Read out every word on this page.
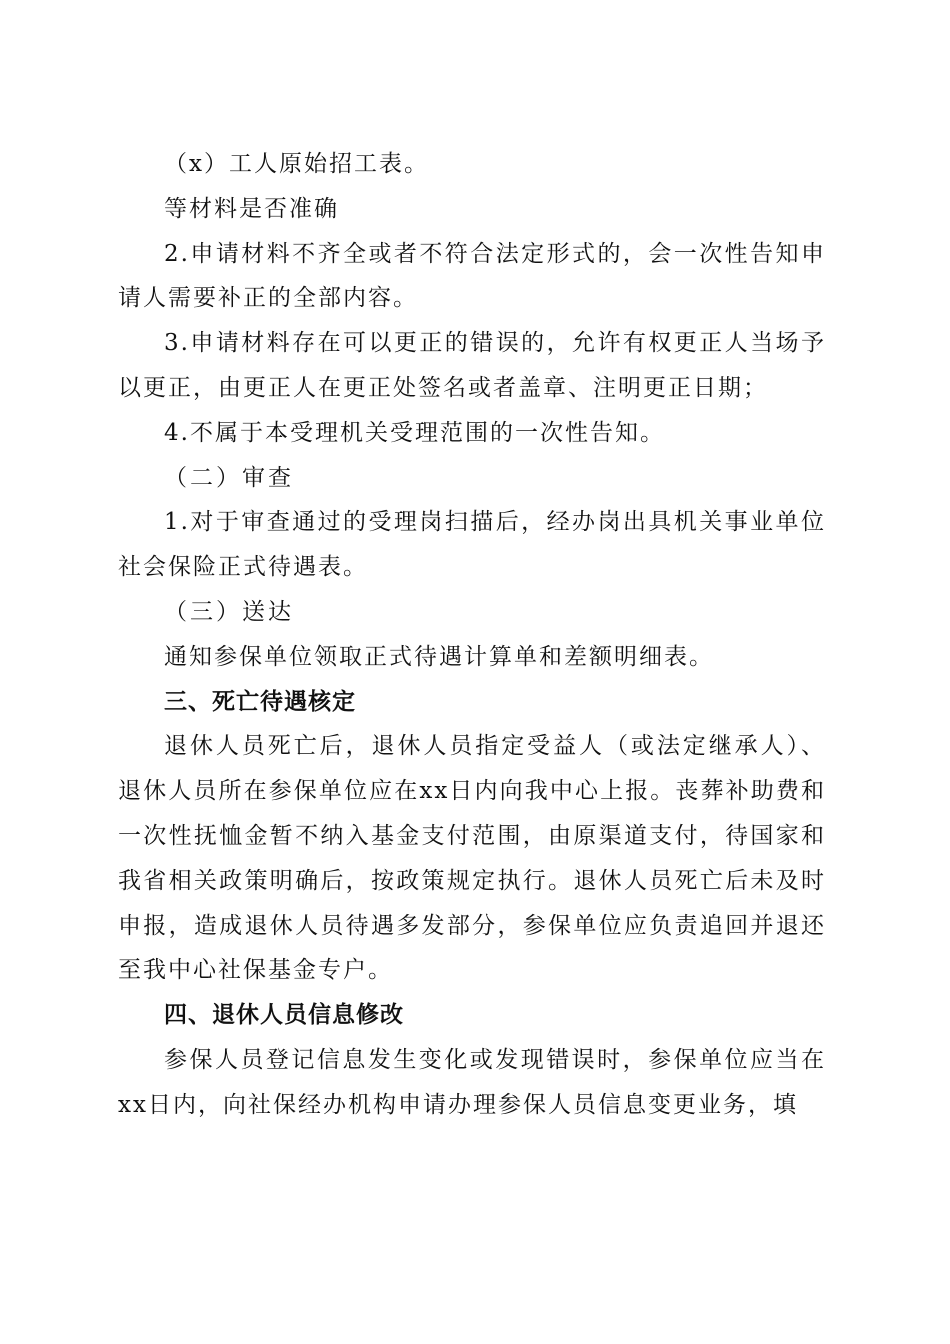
（x）工人原始招工表。

等材料是否准确

2.申请材料不齐全或者不符合法定形式的，会一次性告知申请人需要补正的全部内容。

3.申请材料存在可以更正的错误的，允许有权更正人当场予以更正，由更正人在更正处签名或者盖章、注明更正日期；

4.不属于本受理机关受理范围的一次性告知。

（二）审查

1.对于审查通过的受理岗扫描后，经办岗出具机关事业单位社会保险正式待遇表。

（三）送达

通知参保单位领取正式待遇计算单和差额明细表。

三、死亡待遇核定

退休人员死亡后，退休人员指定受益人（或法定继承人）、退休人员所在参保单位应在xx日内向我中心上报。丧葬补助费和一次性抚恤金暂不纳入基金支付范围，由原渠道支付，待国家和我省相关政策明确后，按政策规定执行。退休人员死亡后未及时申报，造成退休人员待遇多发部分，参保单位应负责追回并退还至我中心社保基金专户。

四、退休人员信息修改

参保人员登记信息发生变化或发现错误时，参保单位应当在xx日内，向社保经办机构申请办理参保人员信息变更业务，填
